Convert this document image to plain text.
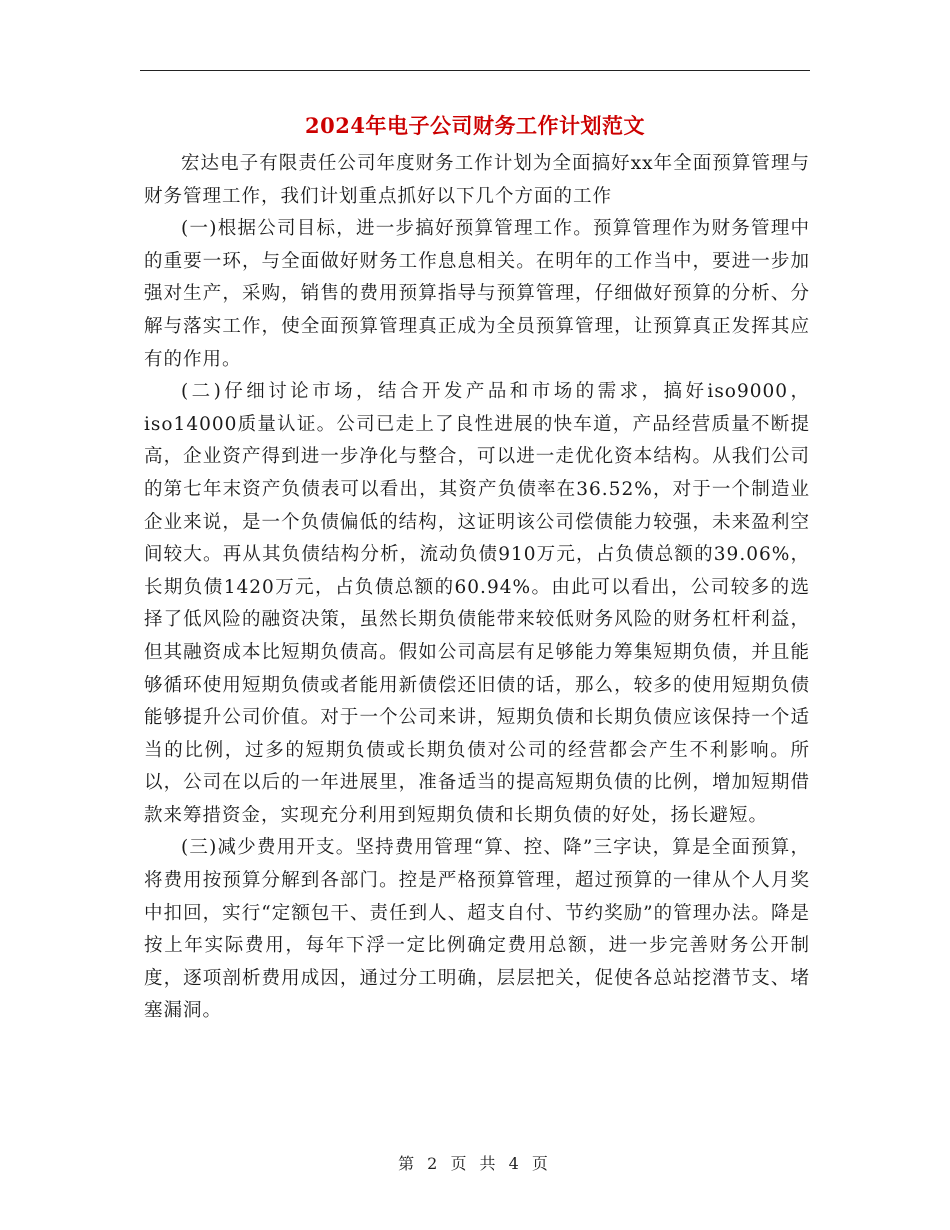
2024年电子公司财务工作计划范文

宏达电子有限责任公司年度财务工作计划为全面搞好xx年全面预算管理与财务管理工作，我们计划重点抓好以下几个方面的工作

(一)根据公司目标，进一步搞好预算管理工作。预算管理作为财务管理中的重要一环，与全面做好财务工作息息相关。在明年的工作当中，要进一步加强对生产，采购，销售的费用预算指导与预算管理，仔细做好预算的分析、分解与落实工作，使全面预算管理真正成为全员预算管理，让预算真正发挥其应有的作用。

(二)仔细讨论市场，结合开发产品和市场的需求，搞好iso9000，iso14000质量认证。公司已走上了良性进展的快车道，产品经营质量不断提高，企业资产得到进一步净化与整合，可以进一走优化资本结构。从我们公司的第七年末资产负债表可以看出，其资产负债率在36.52%，对于一个制造业企业来说，是一个负债偏低的结构，这证明该公司偿债能力较强，未来盈利空间较大。再从其负债结构分析，流动负债910万元，占负债总额的39.06%，长期负债1420万元，占负债总额的60.94%。由此可以看出，公司较多的选择了低风险的融资决策，虽然长期负债能带来较低财务风险的财务杠杆利益，但其融资成本比短期负债高。假如公司高层有足够能力筹集短期负债，并且能够循环使用短期负债或者能用新债偿还旧债的话，那么，较多的使用短期负债能够提升公司价值。对于一个公司来讲，短期负债和长期负债应该保持一个适当的比例，过多的短期负债或长期负债对公司的经营都会产生不利影响。所以，公司在以后的一年进展里，准备适当的提高短期负债的比例，增加短期借款来筹措资金，实现充分利用到短期负债和长期负债的好处，扬长避短。

(三)减少费用开支。坚持费用管理“算、控、降”三字诀，算是全面预算，将费用按预算分解到各部门。控是严格预算管理，超过预算的一律从个人月奖中扣回，实行“定额包干、责任到人、超支自付、节约奖励”的管理办法。降是按上年实际费用，每年下浮一定比例确定费用总额，进一步完善财务公开制度，逐项剖析费用成因，通过分工明确，层层把关，促使各总站挖潜节支、堵塞漏洞。

第 2 页 共 4 页
